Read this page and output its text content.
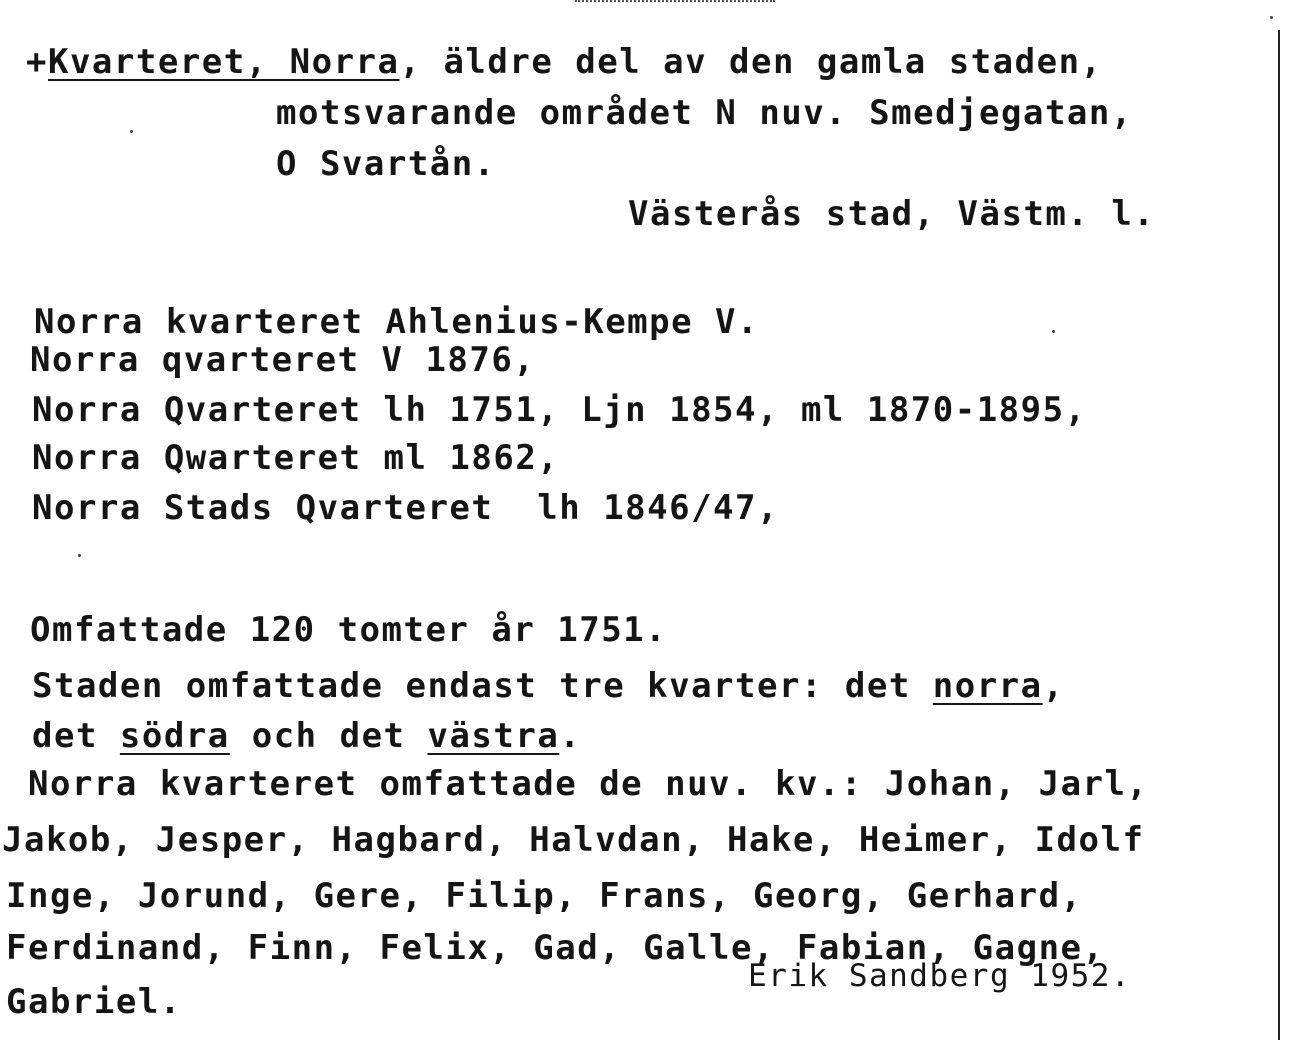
+Kvarteret, Norra, äldre del av den gamla staden,
motsvarande området N nuv. Smedjegatan,
O Svartån.
Västerås stad, Västm. l.
Norra kvarteret Ahlenius-Kempe V.
Norra qvarteret V 1876,
Norra Qvarteret lh 1751, Ljn 1854, ml 1870-1895,
Norra Qwarteret ml 1862,
Norra Stads Qvarteret  lh 1846/47,
Omfattade 120 tomter år 1751.
Staden omfattade endast tre kvarter: det norra,
det södra och det västra.
Norra kvarteret omfattade de nuv. kv.: Johan, Jarl,
Jakob, Jesper, Hagbard, Halvdan, Hake, Heimer, Idolf
Inge, Jorund, Gere, Filip, Frans, Georg, Gerhard,
Ferdinand, Finn, Felix, Gad, Galle, Fabian, Gagne,
Gabriel.
Erik Sandberg 1952.
